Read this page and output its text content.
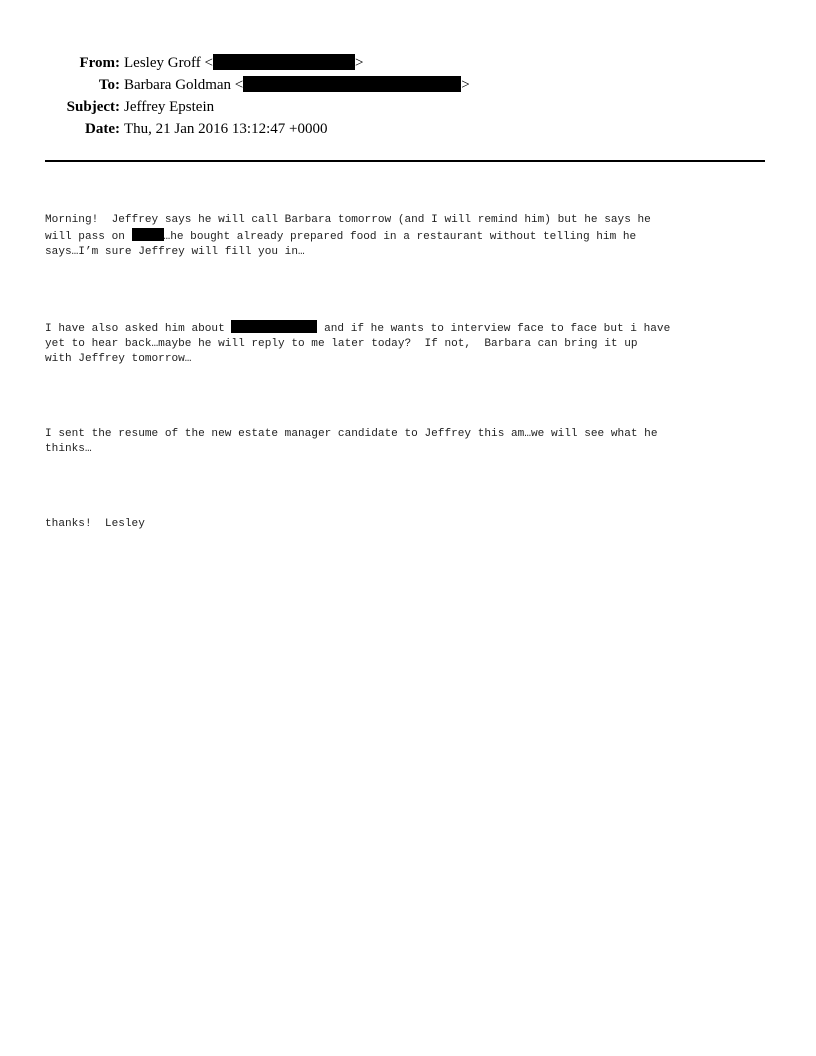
From: Lesley Groff <	>
To: Barbara Goldman <	>
Subject: Jeffrey Epstein
Date: Thu, 21 Jan 2016 13:12:47 +0000

Morning!  Jeffrey says he will call Barbara tomorrow (and I will remind him) but he says he
will pass on	…he bought already prepared food in a restaurant without telling him he
says…I’m sure Jeffrey will fill you in…

I have also asked him about	and if he wants to interview face to face but i have
yet to hear back…maybe he will reply to me later today?  If not,  Barbara can bring it up
with Jeffrey tomorrow…

I sent the resume of the new estate manager candidate to Jeffrey this am…we will see what he
thinks…

thanks!  Lesley
